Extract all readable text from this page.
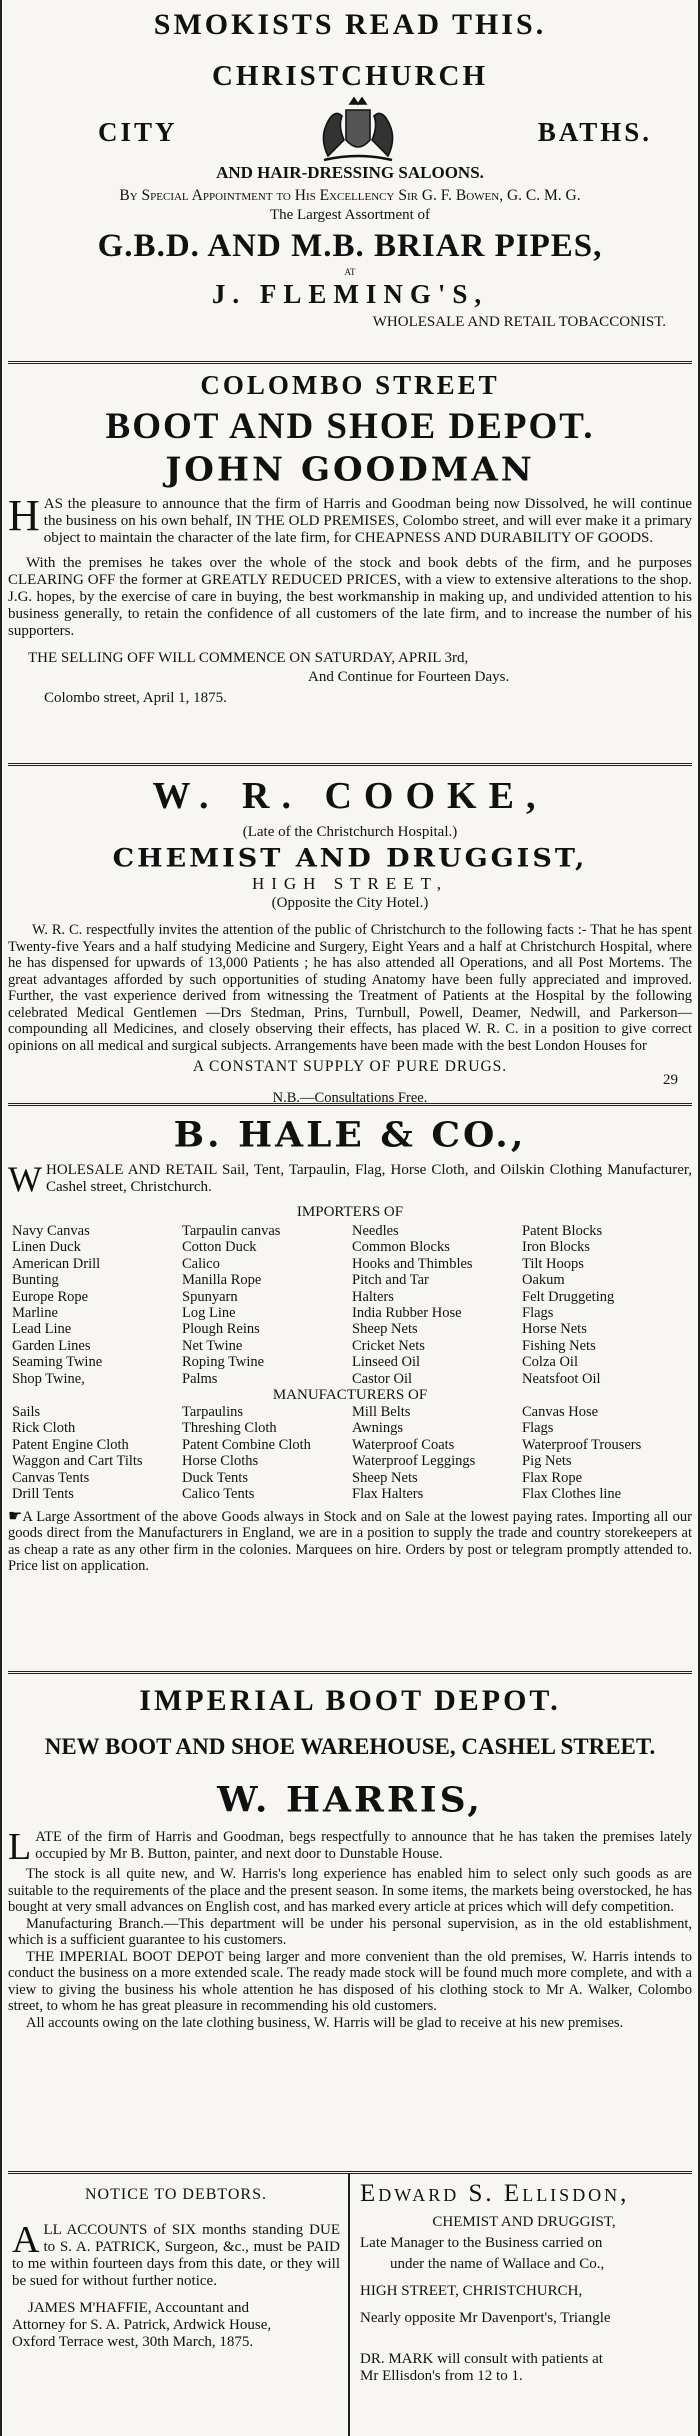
SMOKISTS READ THIS.
CHRISTCHURCH
CITY	BATHS.
AND HAIR-DRESSING SALOONS.
By Special Appointment to His Excellency Sir G. F. Bowen, G. C. M. G.
The Largest Assortment of
G.B.D. AND M.B. BRIAR PIPES,
AT
J. FLEMING'S,
WHOLESALE AND RETAIL TOBACCONIST.
COLOMBO STREET
BOOT AND SHOE DEPOT.
JOHN GOODMAN
HAS the pleasure to announce that the firm of Harris and Goodman being now Dissolved, he will continue the business on his own behalf, IN THE OLD PREMISES, Colombo street, and will ever make it a primary object to maintain the character of the late firm, for CHEAPNESS AND DURABILITY OF GOODS.
With the premises he takes over the whole of the stock and book debts of the firm, and he purposes CLEARING OFF the former at GREATLY REDUCED PRICES, with a view to extensive alterations to the shop. J.G. hopes, by the exercise of care in buying, the best workmanship in making up, and undivided attention to his business generally, to retain the confidence of all customers of the late firm, and to increase the number of his supporters.
THE SELLING OFF WILL COMMENCE ON SATURDAY, APRIL 3rd,
And Continue for Fourteen Days.
Colombo street, April 1, 1875.
W. R. COOKE,
(Late of the Christchurch Hospital.)
CHEMIST AND DRUGGIST,
HIGH STREET,
(Opposite the City Hotel.)
W. R. C. respectfully invites the attention of the public of Christchurch to the following facts :- That he has spent Twenty-five Years and a half studying Medicine and Surgery, Eight Years and a half at Christchurch Hospital, where he has dispensed for upwards of 13,000 Patients ; he has also attended all Operations, and all Post Mortems. The great advantages afforded by such opportunities of studing Anatomy have been fully appreciated and improved. Further, the vast experience derived from witnessing the Treatment of Patients at the Hospital by the following celebrated Medical Gentlemen —Drs Stedman, Prins, Turnbull, Powell, Deamer, Nedwill, and Parkerson—compounding all Medicines, and closely observing their effects, has placed W. R. C. in a position to give correct opinions on all medical and surgical subjects. Arrangements have been made with the best London Houses for
A CONSTANT SUPPLY OF PURE DRUGS.
N.B.—Consultations Free.
29
B. HALE & CO.,
WHOLESALE AND RETAIL Sail, Tent, Tarpaulin, Flag, Horse Cloth, and Oilskin Clothing Manufacturer, Cashel street, Christchurch.
IMPORTERS OF
Navy Canvas
Linen Duck
American Drill
Bunting
Europe Rope
Marline
Lead Line
Garden Lines
Seaming Twine
Shop Twine,
Tarpaulin canvas
Cotton Duck
Calico
Manilla Rope
Spunyarn
Log Line
Plough Reins
Net Twine
Roping Twine
Palms
Needles
Common Blocks
Hooks and Thimbles
Pitch and Tar
Halters
India Rubber Hose
Sheep Nets
Cricket Nets
Linseed Oil
Castor Oil
Patent Blocks
Iron Blocks
Tilt Hoops
Oakum
Felt Druggeting
Flags
Horse Nets
Fishing Nets
Colza Oil
Neatsfoot Oil
MANUFACTURERS OF
Sails
Rick Cloth
Patent Engine Cloth
Waggon and Cart Tilts
Canvas Tents
Drill Tents
Tarpaulins
Threshing Cloth
Patent Combine Cloth
Horse Cloths
Duck Tents
Calico Tents
Mill Belts
Awnings
Waterproof Coats
Waterproof Leggings
Sheep Nets
Flax Halters
Canvas Hose
Flags
Waterproof Trousers
Pig Nets
Flax Rope
Flax Clothes line
☛A Large Assortment of the above Goods always in Stock and on Sale at the lowest paying rates. Importing all our goods direct from the Manufacturers in England, we are in a position to supply the trade and country storekeepers at as cheap a rate as any other firm in the colonies. Marquees on hire. Orders by post or telegram promptly attended to. Price list on application.
IMPERIAL BOOT DEPOT.
NEW BOOT AND SHOE WAREHOUSE, CASHEL STREET.
W. HARRIS,
LATE of the firm of Harris and Goodman, begs respectfully to announce that he has taken the premises lately occupied by Mr B. Button, painter, and next door to Dunstable House.
The stock is all quite new, and W. Harris's long experience has enabled him to select only such goods as are suitable to the requirements of the place and the present season. In some items, the markets being overstocked, he has bought at very small advances on English cost, and has marked every article at prices which will defy competition.
Manufacturing Branch.—This department will be under his personal supervision, as in the old establishment, which is a sufficient guarantee to his customers.
THE IMPERIAL BOOT DEPOT being larger and more convenient than the old premises, W. Harris intends to conduct the business on a more extended scale. The ready made stock will be found much more complete, and with a view to giving the business his whole attention he has disposed of his clothing stock to Mr A. Walker, Colombo street, to whom he has great pleasure in recommending his old customers.
All accounts owing on the late clothing business, W. Harris will be glad to receive at his new premises.
NOTICE TO DEBTORS.
ALL ACCOUNTS of SIX months standing DUE to S. A. PATRICK, Surgeon, &c., must be PAID to me within fourteen days from this date, or they will be sued for without further notice.
JAMES M'HAFFIE, Accountant and
Attorney for S. A. Patrick, Ardwick House,
Oxford Terrace west, 30th March, 1875.
Edward S. Ellisdon,
CHEMIST AND DRUGGIST,
Late Manager to the Business carried on
under the name of Wallace and Co.,
HIGH STREET, CHRISTCHURCH,
Nearly opposite Mr Davenport's, Triangle
DR. MARK will consult with patients at
Mr Ellisdon's from 12 to 1.
